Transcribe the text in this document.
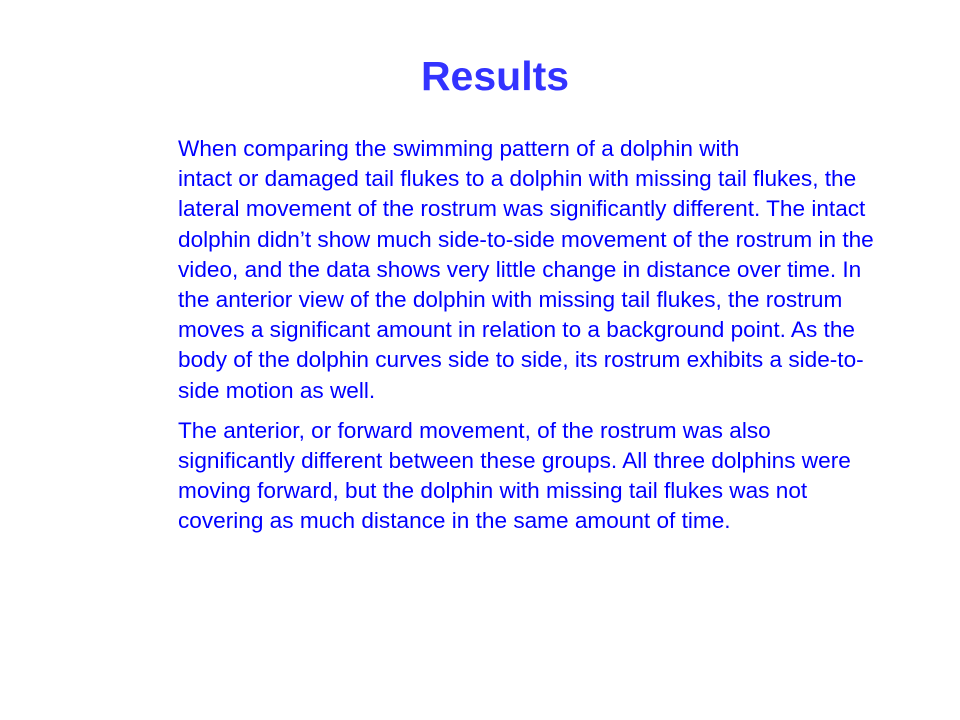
Results

When comparing the swimming pattern of a dolphin with
intact or damaged tail flukes to a dolphin with missing tail flukes, the
lateral movement of the rostrum was significantly different. The intact
dolphin didn’t show much side-to-side movement of the rostrum in the
video, and the data shows very little change in distance over time. In
the anterior view of the dolphin with missing tail flukes, the rostrum
moves a significant amount in relation to a background point. As the
body of the dolphin curves side to side, its rostrum exhibits a side-to-
side motion as well.

The anterior, or forward movement, of the rostrum was also
significantly different between these groups. All three dolphins were
moving forward, but the dolphin with missing tail flukes was not
covering as much distance in the same amount of time.
